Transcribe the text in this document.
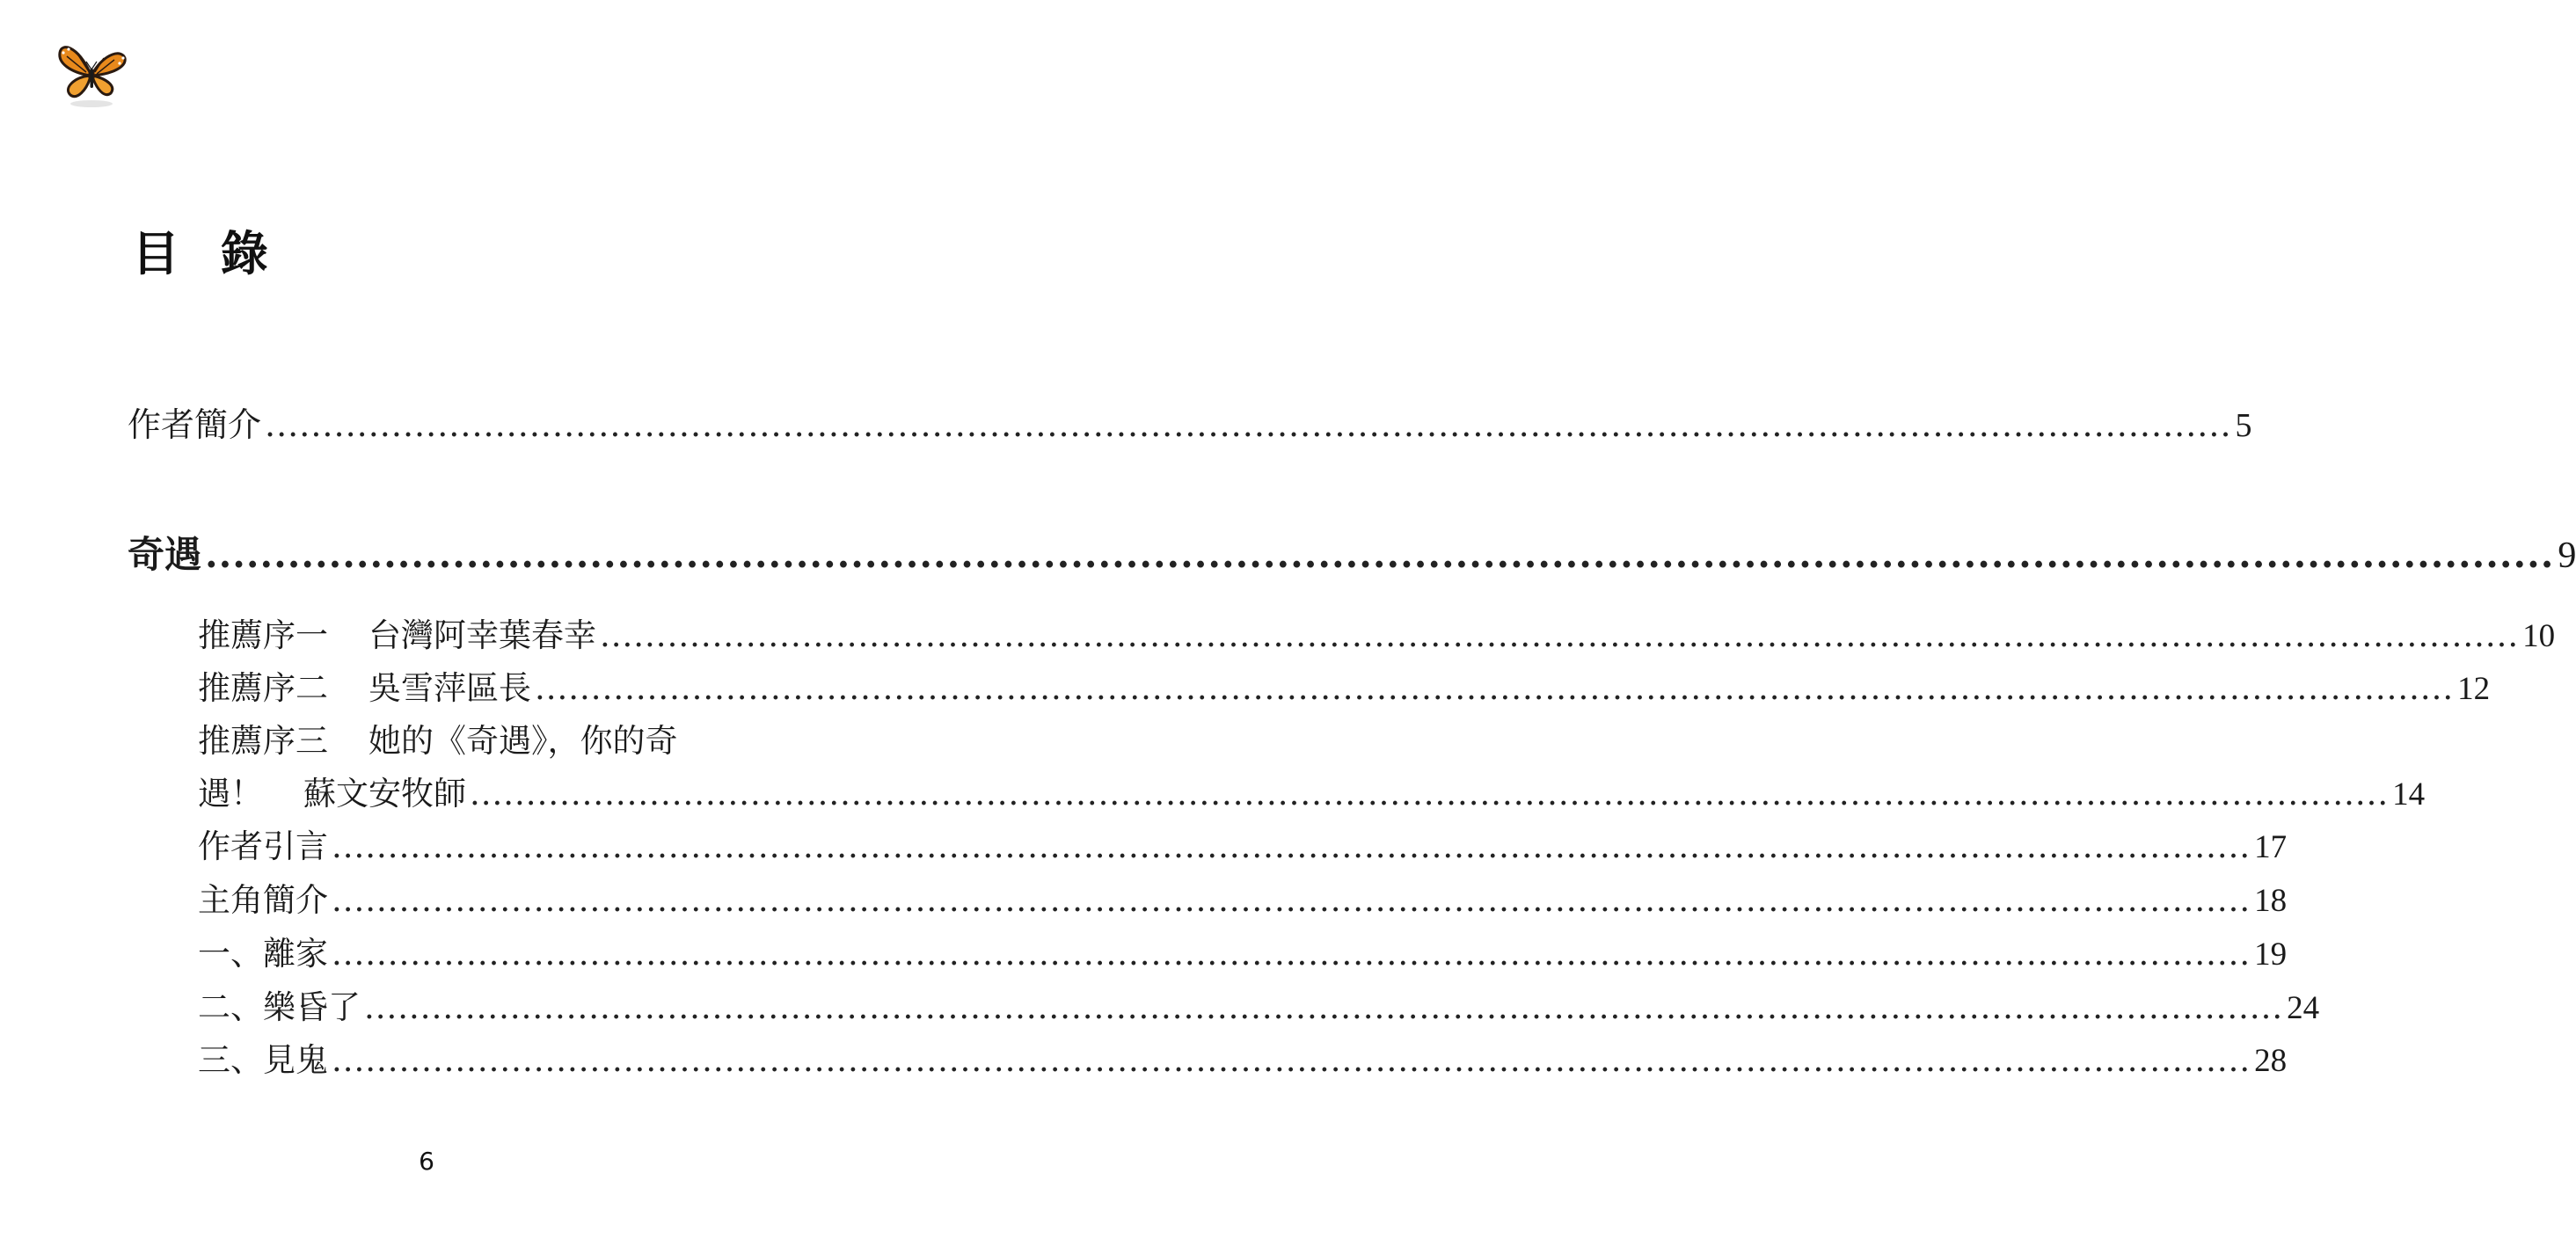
目 錄
作者簡介 ........................................................................................................................................................................... 5
奇遇 ........................................................................................................................................................................... 9
推薦序一 台灣阿幸葉春幸 ........................................................................................................................................................................... 10
推薦序二 吳雪萍區長 ........................................................................................................................................................................... 12
推薦序三 她的《奇遇》，你的奇
遇！ 蘇文安牧師 ........................................................................................................................................................................... 14
作者引言 ........................................................................................................................................................................... 17
主角簡介 ........................................................................................................................................................................... 18
一、離家 ........................................................................................................................................................................... 19
二、樂昏了 ........................................................................................................................................................................... 24
三、見鬼 ........................................................................................................................................................................... 28
6
